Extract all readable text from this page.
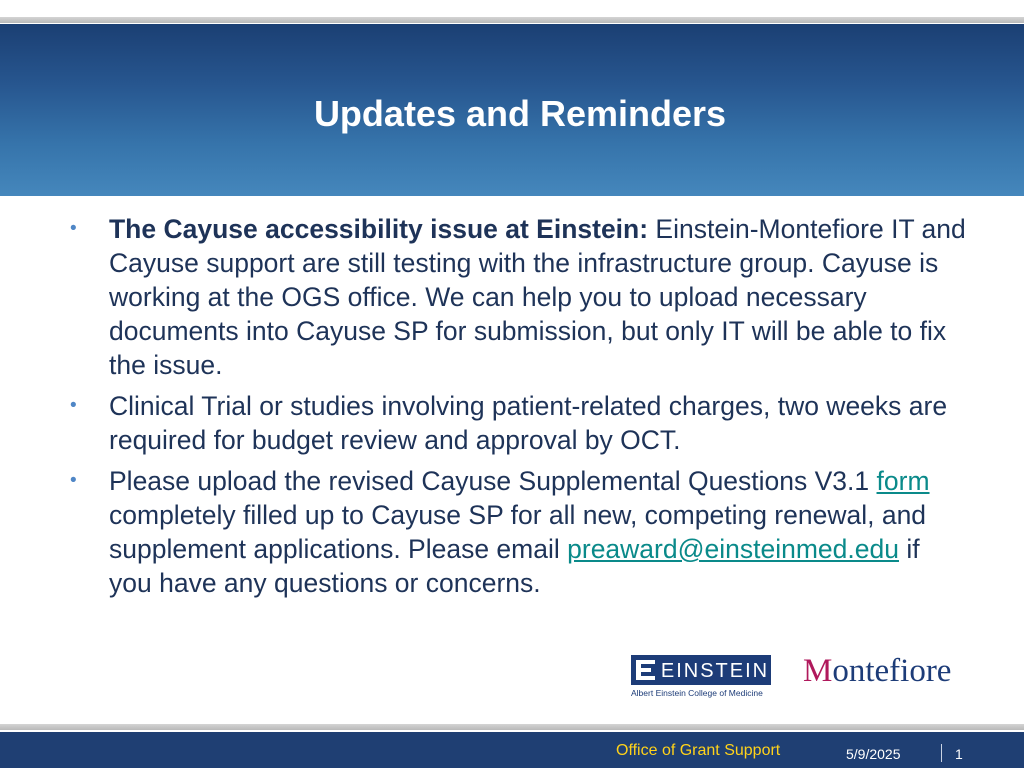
Updates and Reminders
• The Cayuse accessibility issue at Einstein: Einstein-Montefiore IT and Cayuse support are still testing with the infrastructure group. Cayuse is working at the OGS office. We can help you to upload necessary documents into Cayuse SP for submission, but only IT will be able to fix the issue.
• Clinical Trial or studies involving patient-related charges, two weeks are required for budget review and approval by OCT.
• Please upload the revised Cayuse Supplemental Questions V3.1 form completely filled up to Cayuse SP for all new, competing renewal, and supplement applications. Please email preaward@einsteinmed.edu if you have any questions or concerns.
EINSTEIN
Albert Einstein College of Medicine
Montefiore
Office of Grant Support	5/9/2025	1
